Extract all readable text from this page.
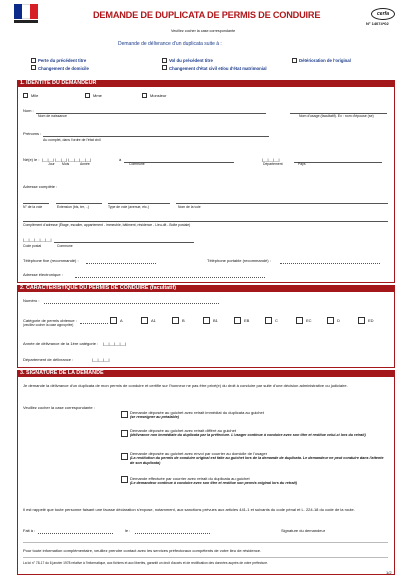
DEMANDE DE DUPLICATA DE PERMIS DE CONDUIRE
Veuillez cocher la case correspondante
cerfa
N° 14074*02
Demande de délivrance d'un duplicata suite à :
Perte du précédent titre	Vol du précédent titre	Détérioration de l'original
Changement de domicile	Changement d'état civil et/ou d'état matrimonial
1. IDENTITE DU DEMANDEUR
Mlle	Mme	Monsieur
Nom :
Nom de naissance	Nom d'usage (facultatif). Ex : nom d'épouse (se)
Prénoms :
Au complet, dans l'ordre de l'état civil
Né(e) le : |__|__| |__|__| |__|__|__|__|	à	|__|__|__|
Jour Mois	Année	Commune	Département	Pays
Adresse complète :
N° de la voie	Extension (bis, ter, ..)	Type de voie (avenue, etc.)	Nom de la voie
Complément d'adresse (Étage, escalier, appartement - immeuble, bâtiment, résidence - Lieu-dit - Boîte postale)
|__|__|__|__|__|
Code postal	Commune
Téléphone fixe (recommandé) :	Téléphone portable (recommandé) :
Adresse électronique :
2. CARACTERISTIQUE DU PERMIS DE CONDUIRE (facultatif)
Numéro :
Catégorie de permis obtenue :
(veuillez cocher la case appropriée)
A	A1	B	B1	EB	C	EC	D	ED
Année de délivrance de la 1ère catégorie : |__|__|__|__|
Département de délivrance :	|__|__|__|
3. SIGNATURE DE LA DEMANDE
Je demande la délivrance d'un duplicata de mon permis de conduire et certifie sur l'honneur ne pas être privé(e) du droit à conduire par suite d'une décision administrative ou judiciaire.
Veuillez cocher la case correspondante :
Demande déposée au guichet avec retrait immédiat du duplicata au guichet
(se renseigner au préalable)
Demande déposée au guichet avec retrait différé au guichet
(délivrance non immédiate du duplicata par la préfecture. L'usager continue à conduire avec son titre et restitue celui-ci lors du retrait)
Demande déposée au guichet avec envoi par courrier au domicile de l'usager
(La restitution du permis de conduire original est faite au guichet lors de la demande de duplicata. Le demandeur ne peut conduire dans l'attente de son duplicata)
Demande effectuée par courrier avec retrait du duplicata au guichet
(Le demandeur continue à conduire avec son titre et restitue son permis original lors du retrait)
Il est rappelé que toute personne faisant une fausse déclaration s'expose, notamment, aux sanctions prévues aux articles 441-1 et suivants du code pénal et L. 224-18 du code de la route.
Fait à :	le :	Signature du demandeur
Pour toute information complémentaire, veuillez prendre contact avec les services préfectoraux compétents de votre lieu de résidence.
La loi n° 78-17 du 6 janvier 1978 relative à l'informatique, aux fichiers et aux libertés, garantit un droit d'accès et de rectification des données auprès de votre préfecture.
1/2
